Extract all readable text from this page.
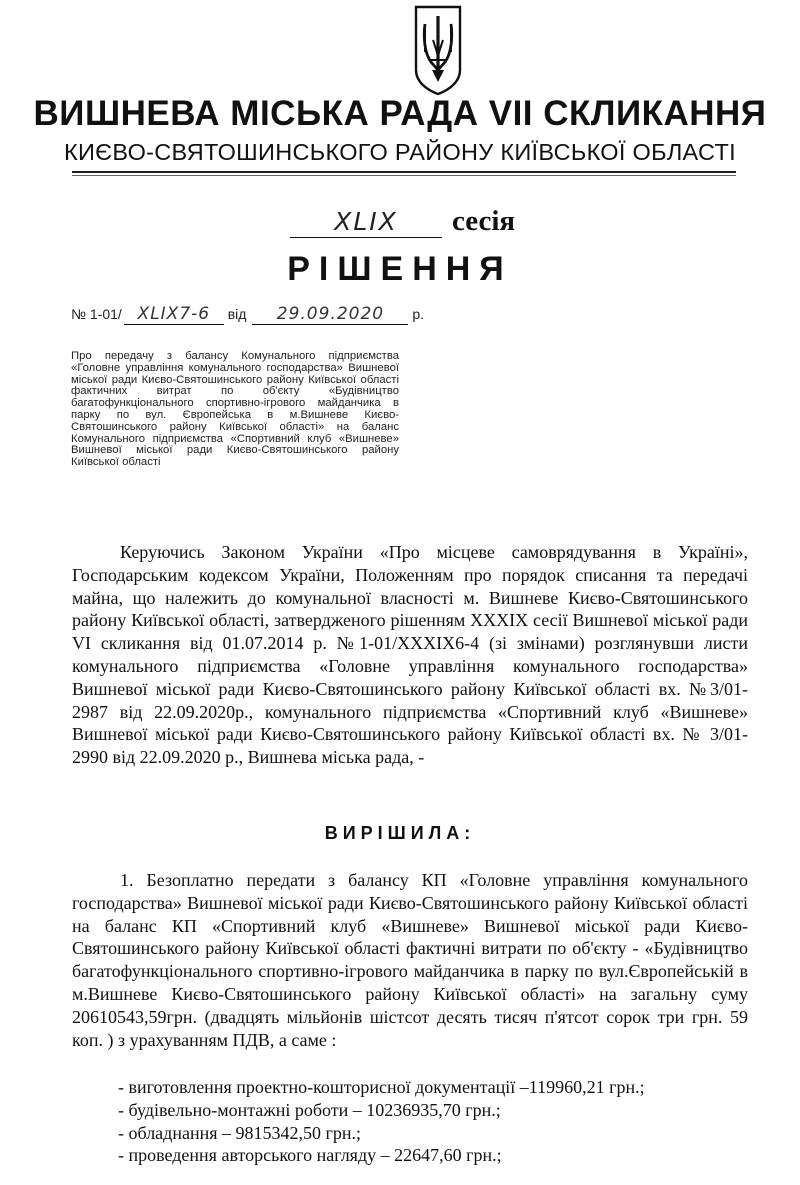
ВИШНЕВА МІСЬКА РАДА VII СКЛИКАННЯ
КИЄВО-СВЯТОШИНСЬКОГО РАЙОНУ КИЇВСЬКОЇ ОБЛАСТІ
XLIX сесія
РІШЕННЯ
№ 1-01/ XLIX7-6 від 29.09.2020 р.
Про передачу з балансу Комунального підприємства «Головне управління комунального господарства» Вишневої міської ради Києво-Святошинського району Київської області фактичних витрат по об'єкту «Будівництво багатофункціонального спортивно-ігрового майданчика в парку по вул. Європейська в м.Вишневе Києво-Святошинського району Київської області» на баланс Комунального підприємства «Спортивний клуб «Вишневе» Вишневої міської ради Києво-Святошинського району Київської області
Керуючись Законом України «Про місцеве самоврядування в Україні», Господарським кодексом України, Положенням про порядок списання та передачі майна, що належить до комунальної власності м. Вишневе Києво-Святошинського району Київської області, затвердженого рішенням XXXIX сесії Вишневої міської ради VI скликання від 01.07.2014 р. №1-01/XXXIX6-4 (зі змінами) розглянувши листи комунального підприємства «Головне управління комунального господарства» Вишневої міської ради Києво-Святошинського району Київської області вх. №3/01-2987 від 22.09.2020р., комунального підприємства «Спортивний клуб «Вишневе» Вишневої міської ради Києво-Святошинського району Київської області вх. № 3/01-2990 від 22.09.2020 р., Вишнева міська рада, -
ВИРІШИЛА:
1. Безоплатно передати з балансу КП «Головне управління комунального господарства» Вишневої міської ради Києво-Святошинського району Київської області на баланс КП «Спортивний клуб «Вишневе» Вишневої міської ради Києво-Святошинського району Київської області фактичні витрати по об'єкту - «Будівництво багатофункціонального спортивно-ігрового майданчика в парку по вул.Європейській в м.Вишневе Києво-Святошинського району Київської області» на загальну суму 20610543,59грн. (двадцять мільйонів шістсот десять тисяч п'ятсот сорок три грн. 59 коп. ) з урахуванням ПДВ, а саме :
- виготовлення проектно-кошторисної документації –119960,21 грн.;
- будівельно-монтажні роботи – 10236935,70 грн.;
- обладнання – 9815342,50 грн.;
- проведення авторського нагляду – 22647,60 грн.;
